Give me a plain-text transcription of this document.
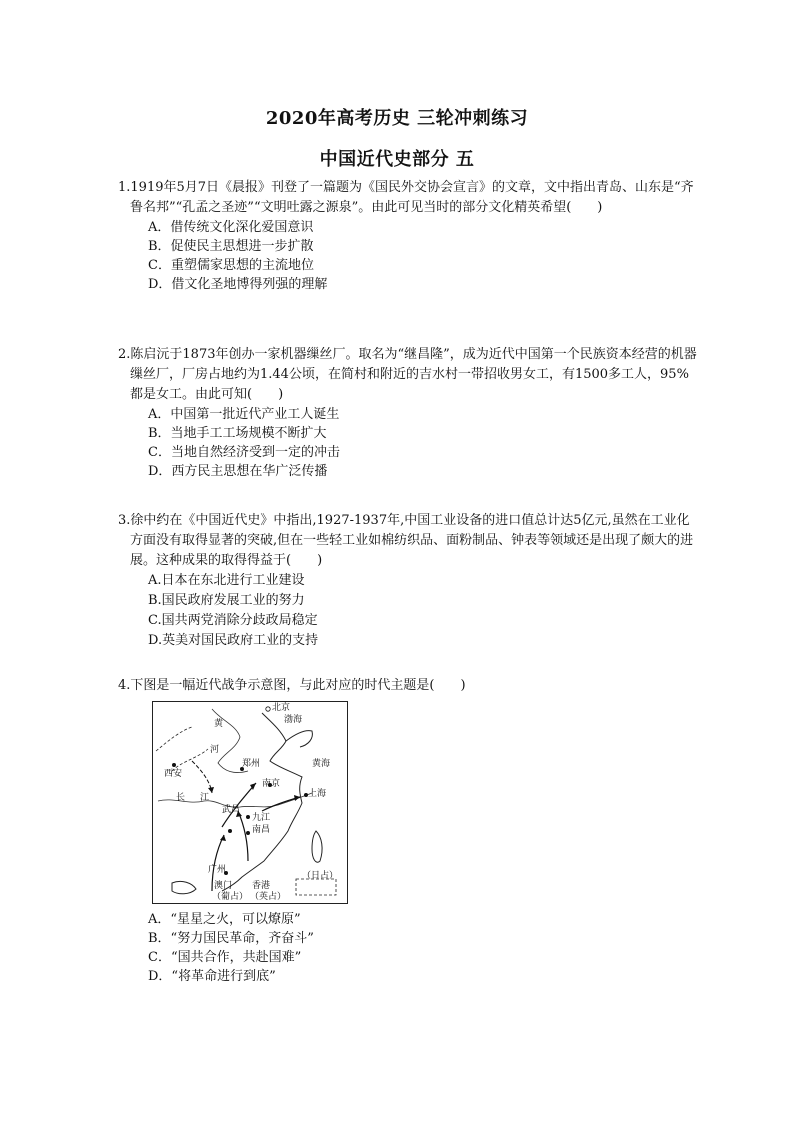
2020年高考历史 三轮冲刺练习
中国近代史部分 五
1.1919年5月7日《晨报》刊登了一篇题为《国民外交协会宣言》的文章，文中指出青岛、山东是“齐鲁名邦”“孔孟之圣迹”“文明吐露之源泉”。由此可见当时的部分文化精英希望(　　)
A．借传统文化深化爱国意识
B．促使民主思想进一步扩散
C．重塑儒家思想的主流地位
D．借文化圣地博得列强的理解
2.陈启沅于1873年创办一家机器缫丝厂。取名为“继昌隆”，成为近代中国第一个民族资本经营的机器缫丝厂，厂房占地约为1.44公顷，在简村和附近的吉水村一带招收男女工，有1500多工人，95%都是女工。由此可知(　　)
A．中国第一批近代产业工人诞生
B．当地手工工场规模不断扩大
C．当地自然经济受到一定的冲击
D．西方民主思想在华广泛传播
3.徐中约在《中国近代史》中指出,1927-1937年,中国工业设备的进口值总计达5亿元,虽然在工业化方面没有取得显著的突破,但在一些轻工业如棉纺织品、面粉制品、钟表等领域还是出现了颇大的进展。这种成果的取得得益于(　　)
A.日本在东北进行工业建设
B.国民政府发展工业的努力
C.国共两党消除分歧政局稳定
D.英美对国民政府工业的支持
4.下图是一幅近代战争示意图，与此对应的时代主题是(　　)
北京
渤海
黄
河
郑州	黄海
西安
南京
长 江	上海
武昌
九江
南昌
广州
（日占）
澳门
（葡占）
香港
（英占）
A．“星星之火，可以燎原”
B．“努力国民革命，齐奋斗”
C．“国共合作，共赴国难”
D．“将革命进行到底”
